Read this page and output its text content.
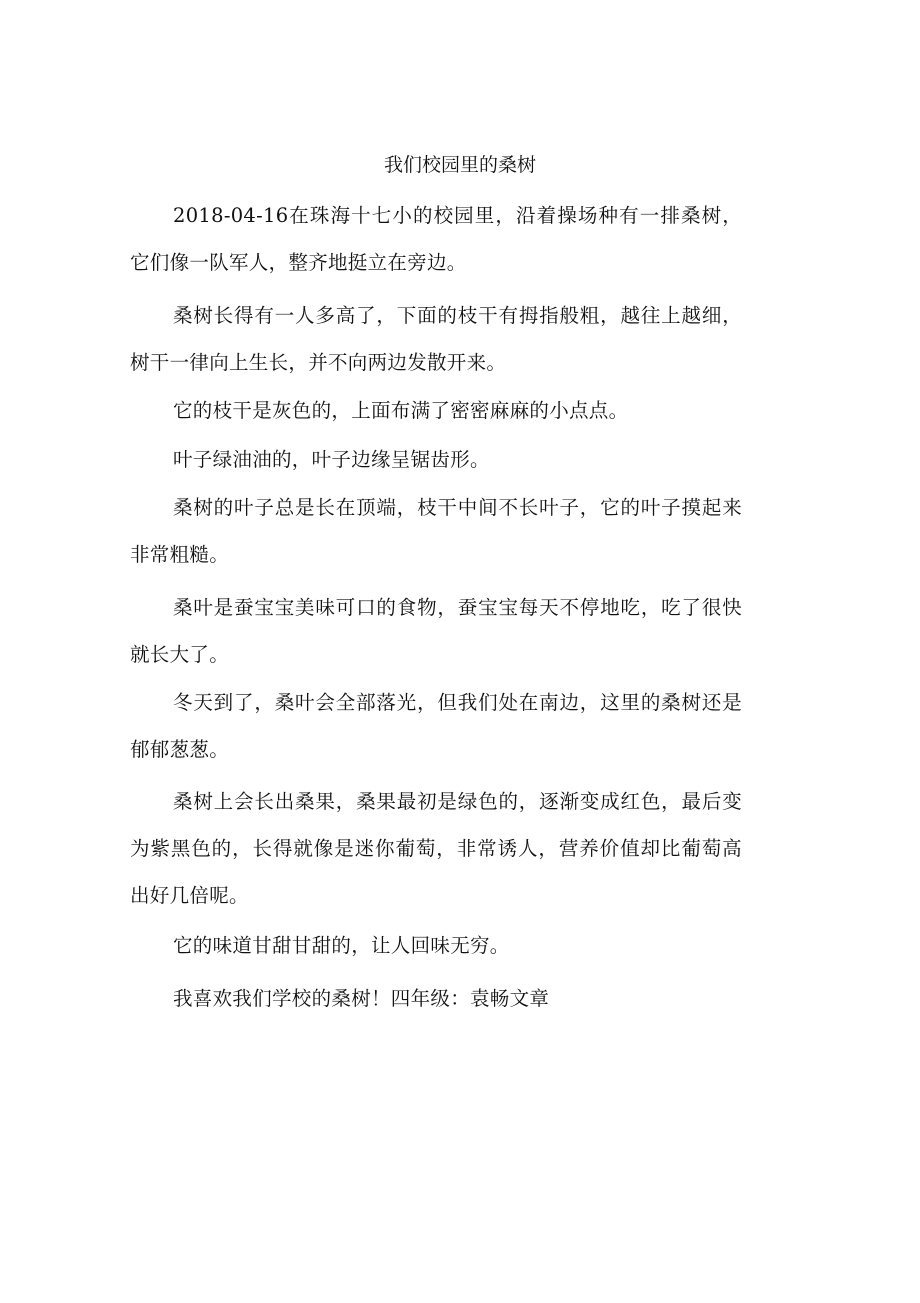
我们校园里的桑树

2018-04-16在珠海十七小的校园里，沿着操场种有一排桑树，它们像一队军人，整齐地挺立在旁边。

桑树长得有一人多高了，下面的枝干有拇指般粗，越往上越细，树干一律向上生长，并不向两边发散开来。

它的枝干是灰色的，上面布满了密密麻麻的小点点。

叶子绿油油的，叶子边缘呈锯齿形。

桑树的叶子总是长在顶端，枝干中间不长叶子，它的叶子摸起来非常粗糙。

桑叶是蚕宝宝美味可口的食物，蚕宝宝每天不停地吃，吃了很快就长大了。

冬天到了，桑叶会全部落光，但我们处在南边，这里的桑树还是郁郁葱葱。

桑树上会长出桑果，桑果最初是绿色的，逐渐变成红色，最后变为紫黑色的，长得就像是迷你葡萄，非常诱人，营养价值却比葡萄高出好几倍呢。

它的味道甘甜甘甜的，让人回味无穷。

我喜欢我们学校的桑树！四年级：袁畅文章
